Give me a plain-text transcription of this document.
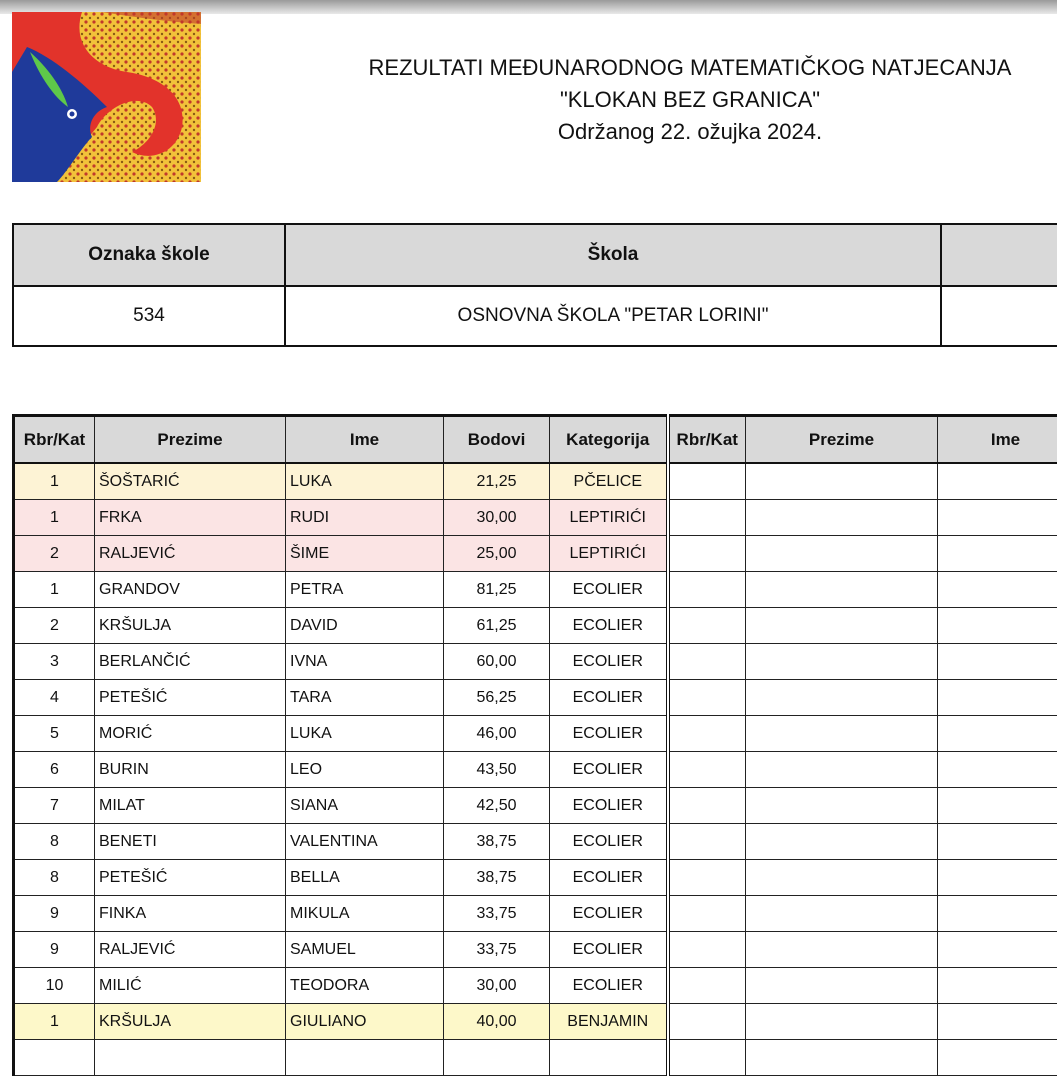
REZULTATI MEĐUNARODNOG MATEMATIČKOG NATJECANJA
"KLOKAN BEZ GRANICA"
Održanog 22. ožujka 2024.
Oznaka škole	Škola	
534	OSNOVNA ŠKOLA "PETAR LORINI"	
Rbr/Kat	Prezime	Ime	Bodovi	Kategorija	Rbr/Kat	Prezime	Ime
1	ŠOŠTARIĆ	LUKA	21,25	PČELICE			
1	FRKA	RUDI	30,00	LEPTIRIĆI			
2	RALJEVIĆ	ŠIME	25,00	LEPTIRIĆI			
1	GRANDOV	PETRA	81,25	ECOLIER			
2	KRŠULJA	DAVID	61,25	ECOLIER			
3	BERLANČIĆ	IVNA	60,00	ECOLIER			
4	PETEŠIĆ	TARA	56,25	ECOLIER			
5	MORIĆ	LUKA	46,00	ECOLIER			
6	BURIN	LEO	43,50	ECOLIER			
7	MILAT	SIANA	42,50	ECOLIER			
8	BENETI	VALENTINA	38,75	ECOLIER			
8	PETEŠIĆ	BELLA	38,75	ECOLIER			
9	FINKA	MIKULA	33,75	ECOLIER			
9	RALJEVIĆ	SAMUEL	33,75	ECOLIER			
10	MILIĆ	TEODORA	30,00	ECOLIER			
1	KRŠULJA	GIULIANO	40,00	BENJAMIN			
